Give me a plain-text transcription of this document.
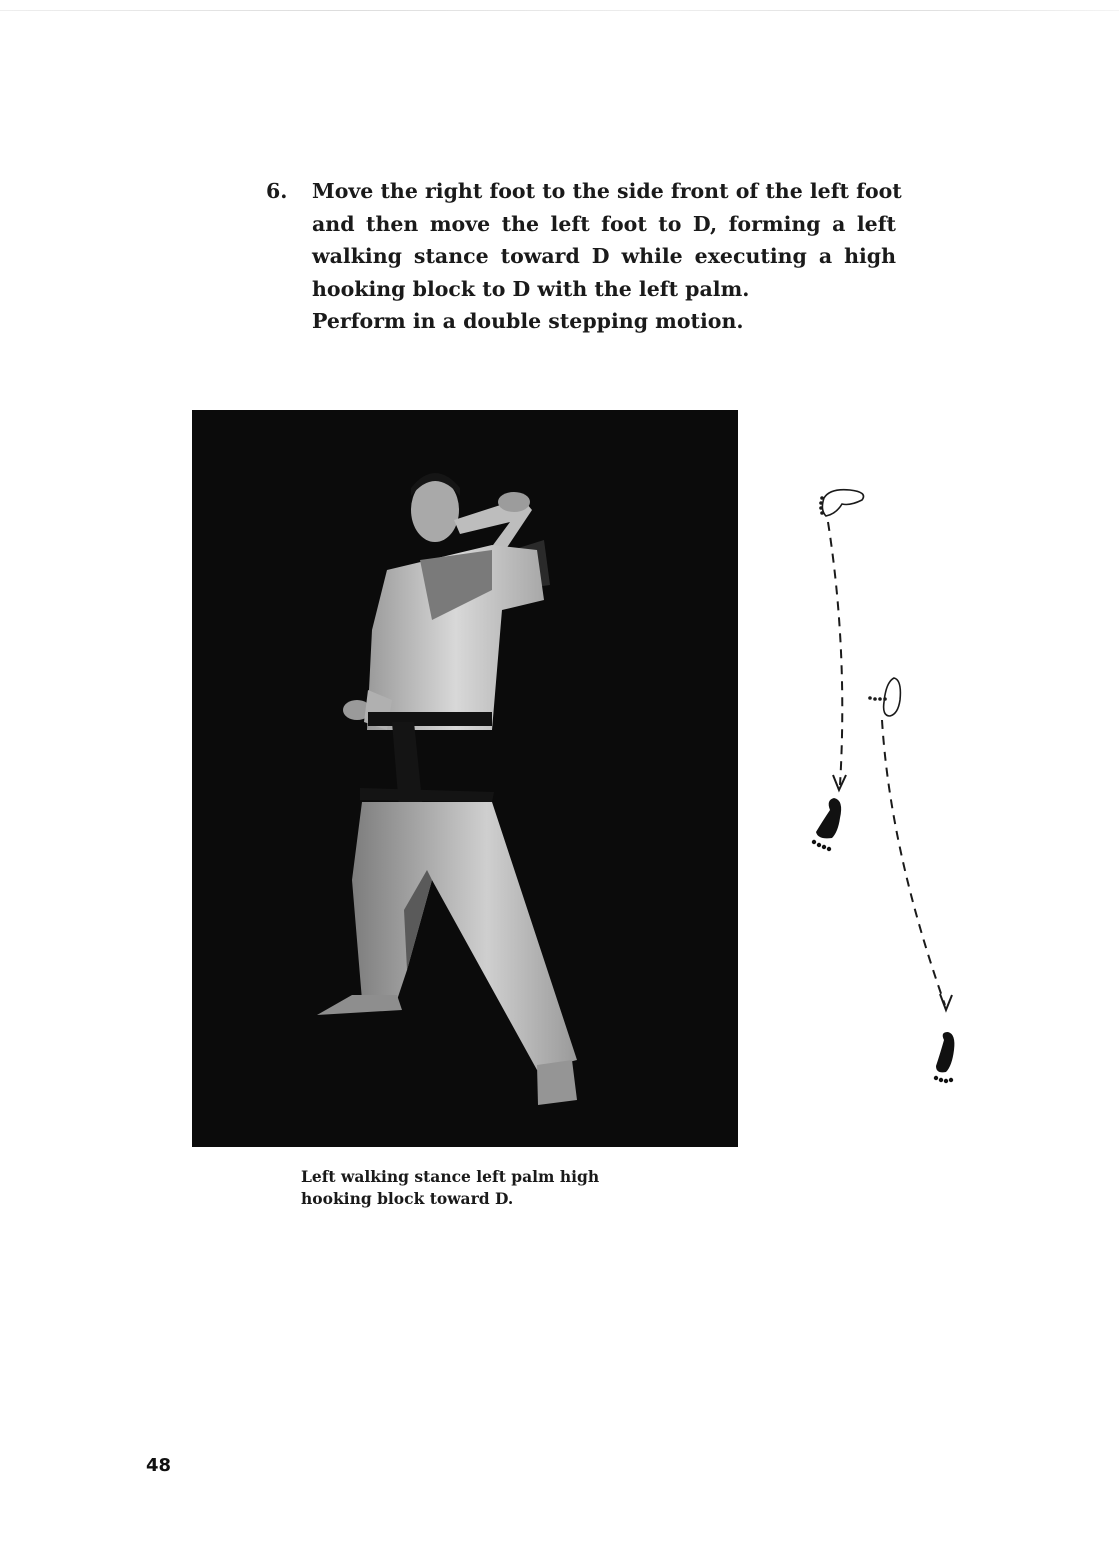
6. Move the right foot to the side front of the left foot
and then move the left foot to D, forming a left
walking stance toward D while executing a high
hooking block to D with the left palm.
Perform in a double stepping motion.
Left walking stance left palm high
hooking block toward D.
48
